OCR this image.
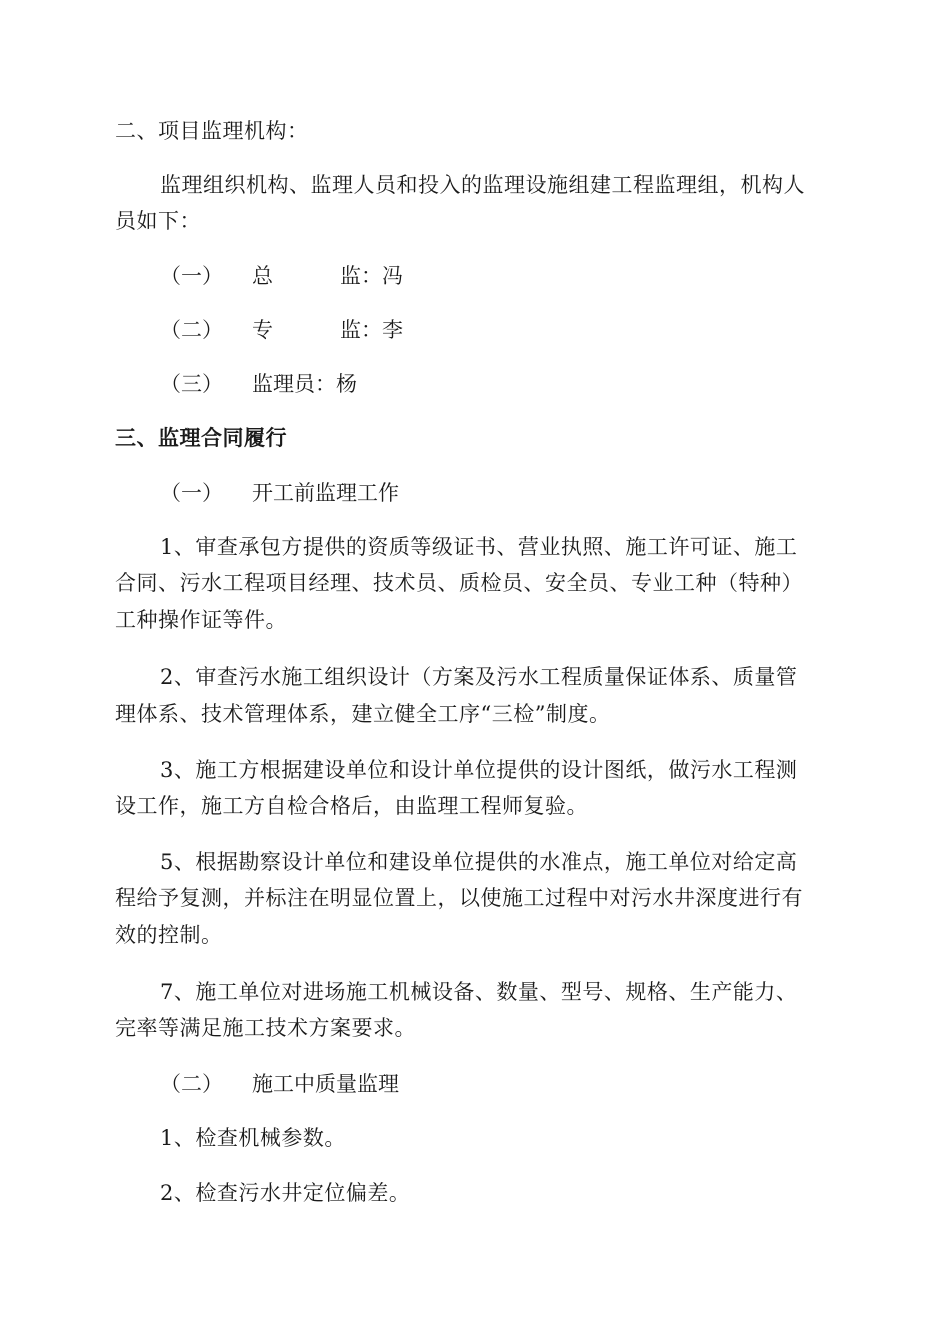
二、项目监理机构：
监理组织机构、监理人员和投入的监理设施组建工程监理组，机构人
员如下：
（一） 总	监：冯
（二） 专	监：李
（三） 监理员：杨
三、监理合同履行
（一） 开工前监理工作
1、审查承包方提供的资质等级证书、营业执照、施工许可证、施工
合同、污水工程项目经理、技术员、质检员、安全员、专业工种（特种）
工种操作证等件。
2、审查污水施工组织设计（方案及污水工程质量保证体系、质量管
理体系、技术管理体系，建立健全工序“三检”制度。
3、施工方根据建设单位和设计单位提供的设计图纸，做污水工程测
设工作，施工方自检合格后，由监理工程师复验。
5、根据勘察设计单位和建设单位提供的水准点，施工单位对给定高
程给予复测，并标注在明显位置上，以使施工过程中对污水井深度进行有
效的控制。
7、施工单位对进场施工机械设备、数量、型号、规格、生产能力、
完率等满足施工技术方案要求。
（二） 施工中质量监理
1、检查机械参数。
2、检查污水井定位偏差。
